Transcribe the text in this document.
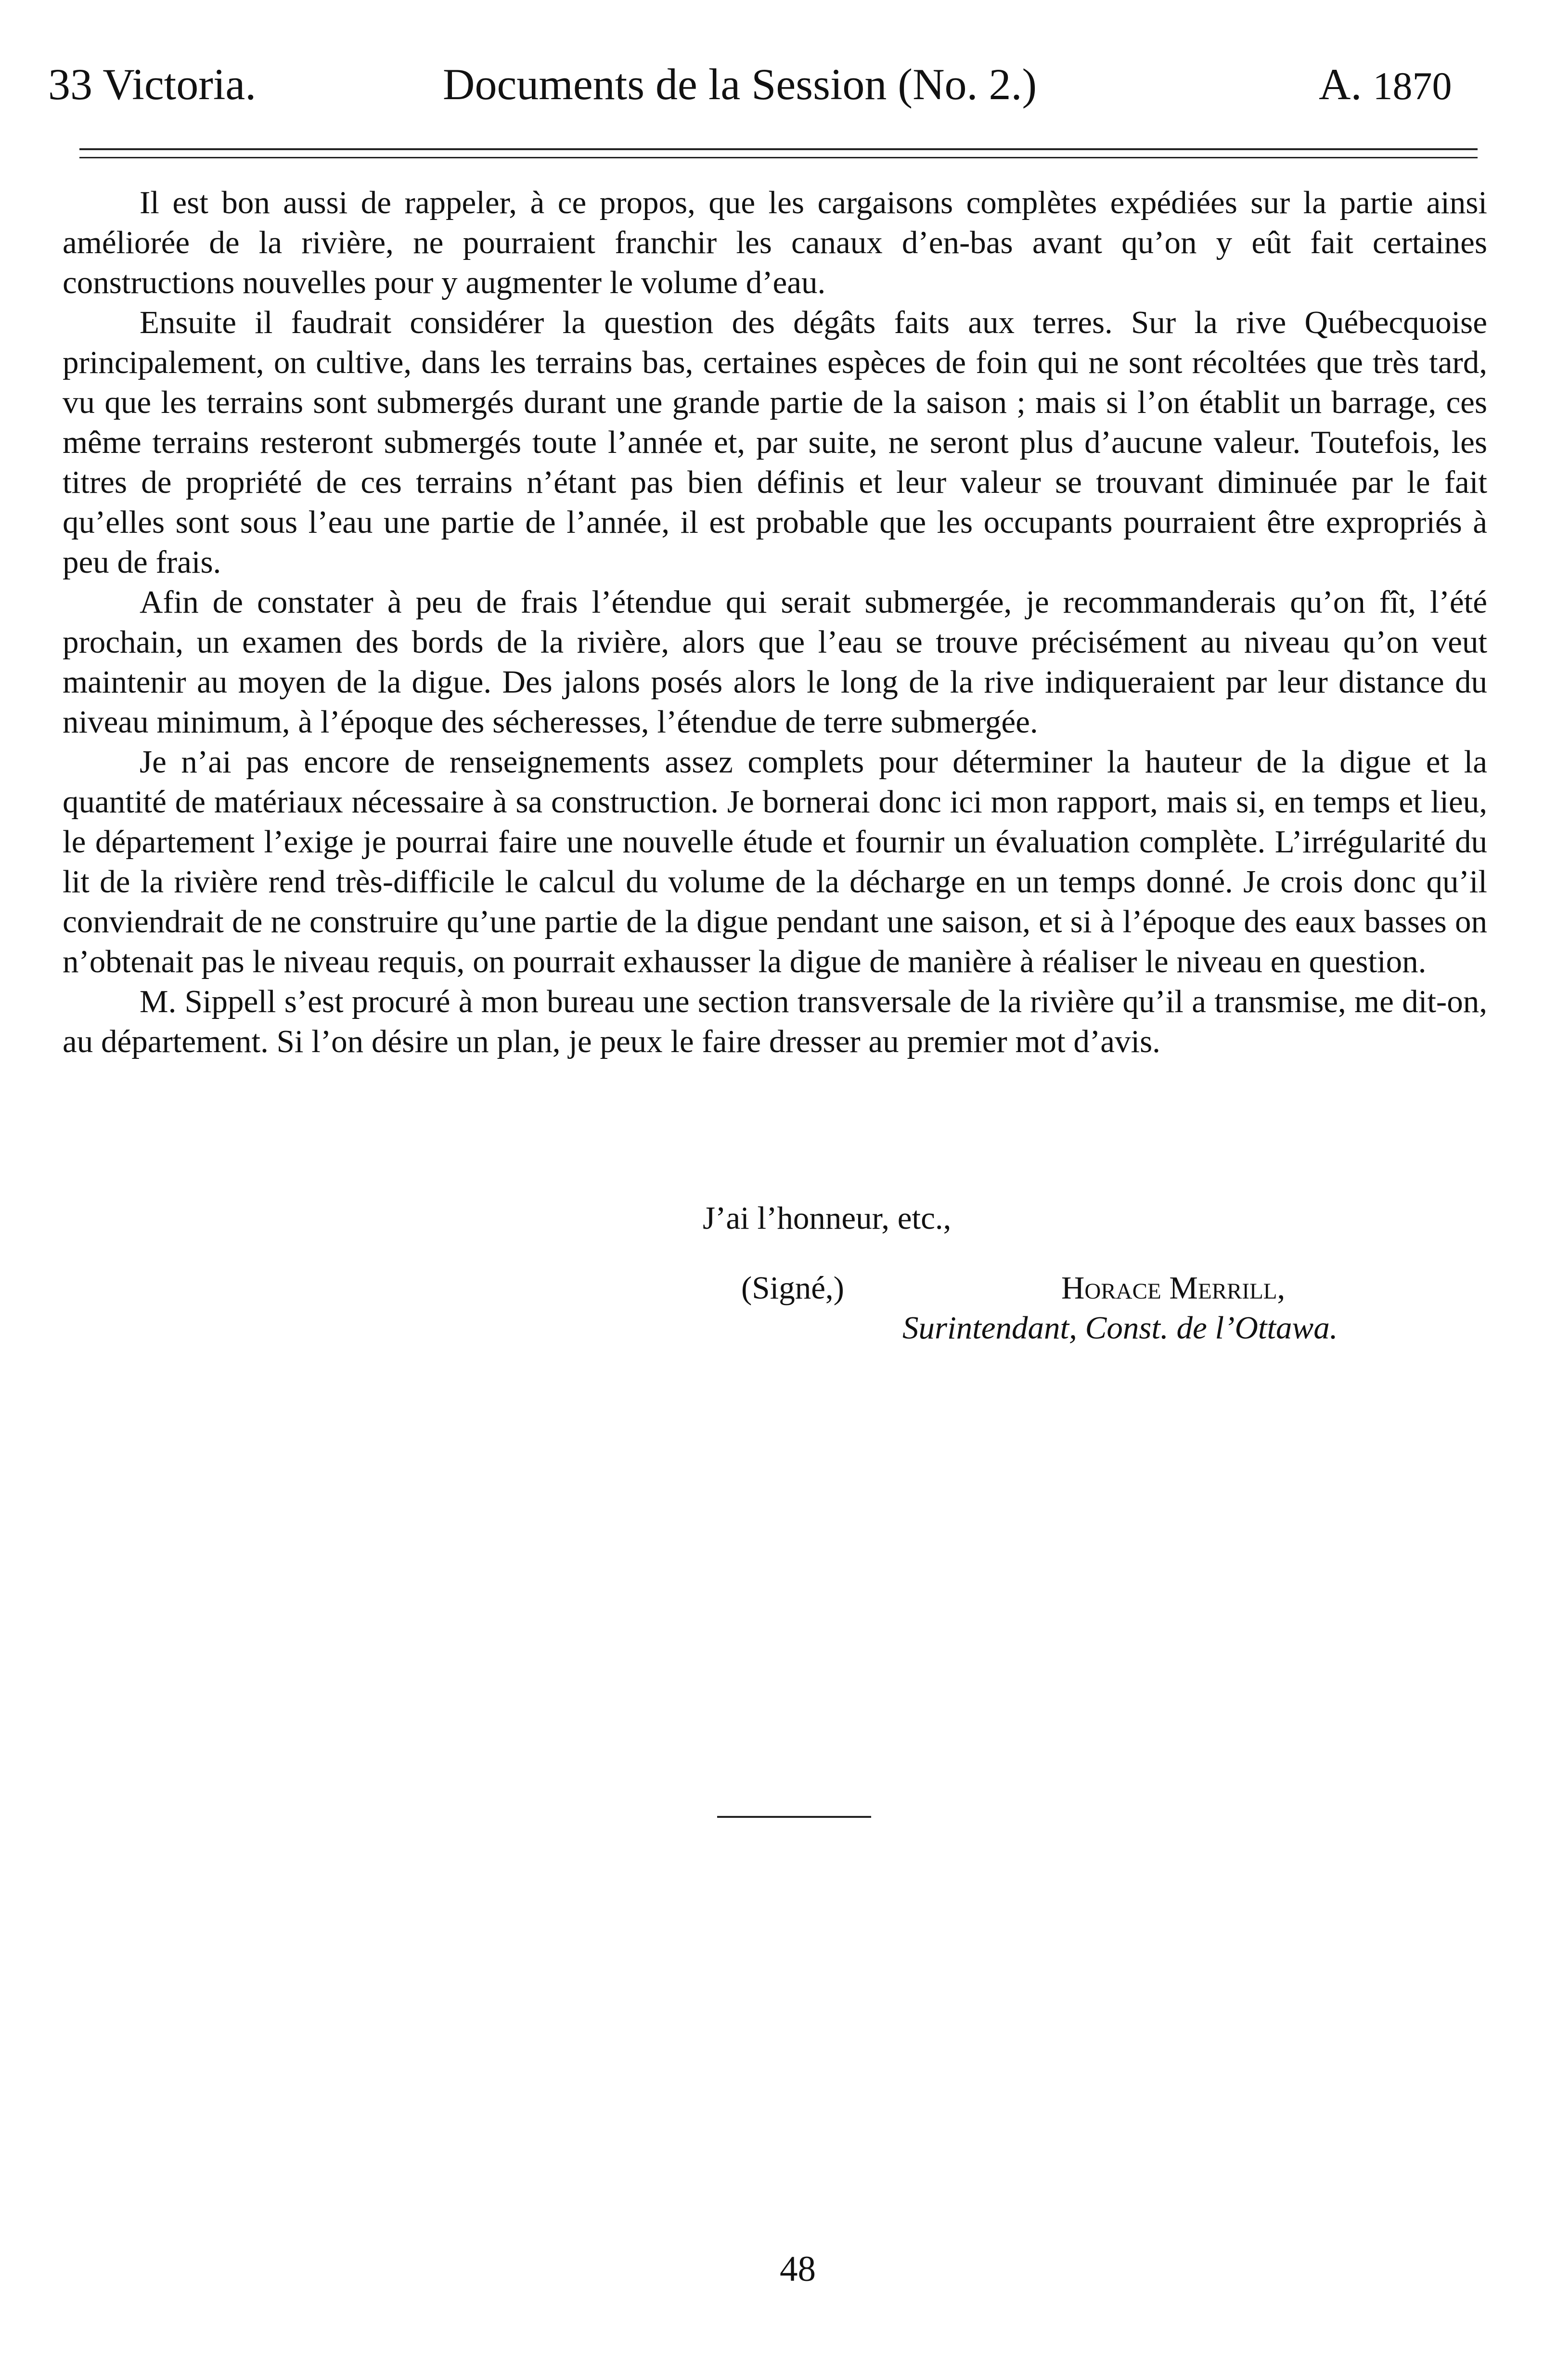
33 Victoria.	Documents de la Session (No. 2.)	A. 1870

Il est bon aussi de rappeler, à ce propos, que les cargaisons complètes expédiées sur la partie ainsi améliorée de la rivière, ne pourraient franchir les canaux d’en-bas avant qu’on y eût fait certaines constructions nouvelles pour y augmenter le volume d’eau.

Ensuite il faudrait considérer la question des dégâts faits aux terres. Sur la rive Québecquoise principalement, on cultive, dans les terrains bas, certaines espèces de foin qui ne sont récoltées que très tard, vu que les terrains sont submergés durant une grande partie de la saison ; mais si l’on établit un barrage, ces même terrains resteront submergés toute l’année et, par suite, ne seront plus d’aucune valeur. Toutefois, les titres de propriété de ces terrains n’étant pas bien définis et leur valeur se trouvant diminuée par le fait qu’elles sont sous l’eau une partie de l’année, il est probable que les occupants pourraient être expropriés à peu de frais.

Afin de constater à peu de frais l’étendue qui serait submergée, je recommanderais qu’on fît, l’été prochain, un examen des bords de la rivière, alors que l’eau se trouve précisément au niveau qu’on veut maintenir au moyen de la digue. Des jalons posés alors le long de la rive indiqueraient par leur distance du niveau minimum, à l’époque des sécheresses, l’étendue de terre submergée.

Je n’ai pas encore de renseignements assez complets pour déterminer la hauteur de la digue et la quantité de matériaux nécessaire à sa construction. Je bornerai donc ici mon rapport, mais si, en temps et lieu, le département l’exige je pourrai faire une nouvelle étude et fournir un évaluation complète. L’irrégularité du lit de la rivière rend très-difficile le calcul du volume de la décharge en un temps donné. Je crois donc qu’il conviendrait de ne construire qu’une partie de la digue pendant une saison, et si à l’époque des eaux basses on n’obtenait pas le niveau requis, on pourrait exhausser la digue de manière à réaliser le niveau en question.

M. Sippell s’est procuré à mon bureau une section transversale de la rivière qu’il a transmise, me dit-on, au département. Si l’on désire un plan, je peux le faire dresser au premier mot d’avis.

J’ai l’honneur, etc.,
(Signé,)	Horace Merrill,
Surintendant, Const. de l’Ottawa.
48
